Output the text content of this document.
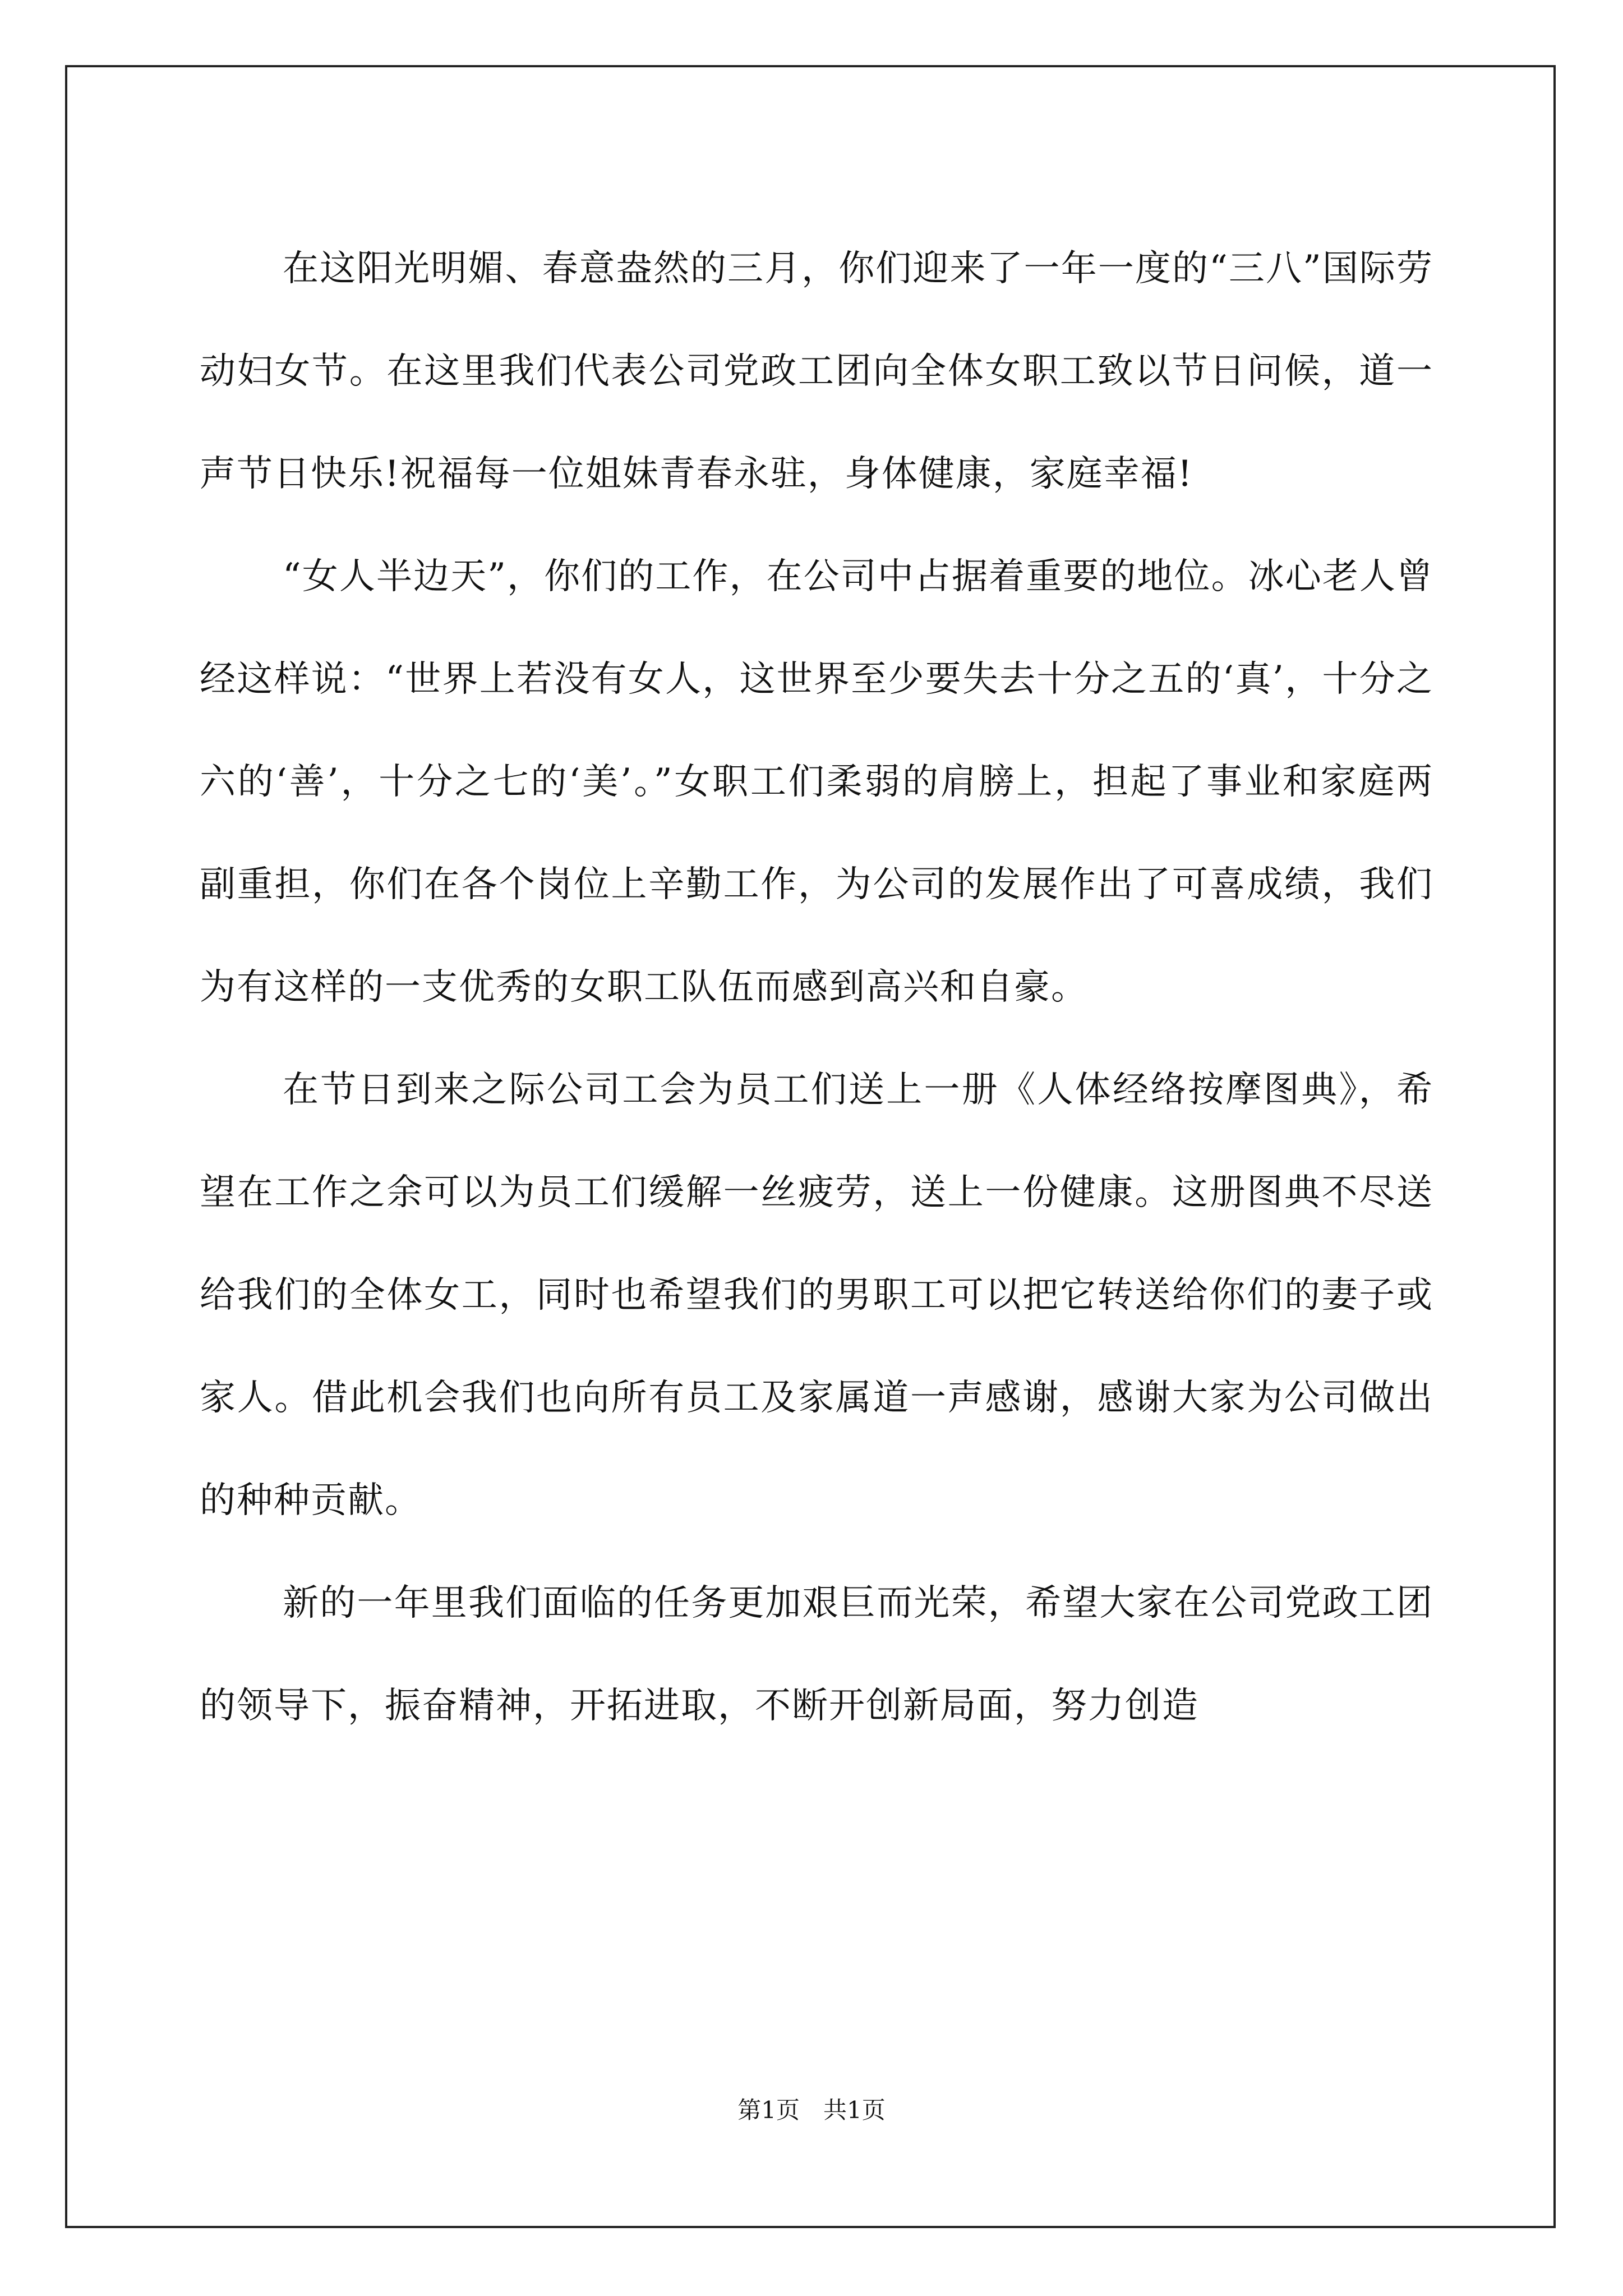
在这阳光明媚、春意盎然的三月，你们迎来了一年一度的“三八”国际劳动妇女节。在这里我们代表公司党政工团向全体女职工致以节日问候，道一声节日快乐!祝福每一位姐妹青春永驻，身体健康，家庭幸福!

“女人半边天”，你们的工作，在公司中占据着重要的地位。冰心老人曾经这样说：“世界上若没有女人，这世界至少要失去十分之五的‘真’，十分之六的‘善’，十分之七的‘美’。”女职工们柔弱的肩膀上，担起了事业和家庭两副重担，你们在各个岗位上辛勤工作，为公司的发展作出了可喜成绩，我们为有这样的一支优秀的女职工队伍而感到高兴和自豪。

在节日到来之际公司工会为员工们送上一册《人体经络按摩图典》，希望在工作之余可以为员工们缓解一丝疲劳，送上一份健康。这册图典不尽送给我们的全体女工，同时也希望我们的男职工可以把它转送给你们的妻子或家人。借此机会我们也向所有员工及家属道一声感谢，感谢大家为公司做出的种种贡献。

新的一年里我们面临的任务更加艰巨而光荣，希望大家在公司党政工团的领导下，振奋精神，开拓进取，不断开创新局面，努力创造

第1页　共1页
